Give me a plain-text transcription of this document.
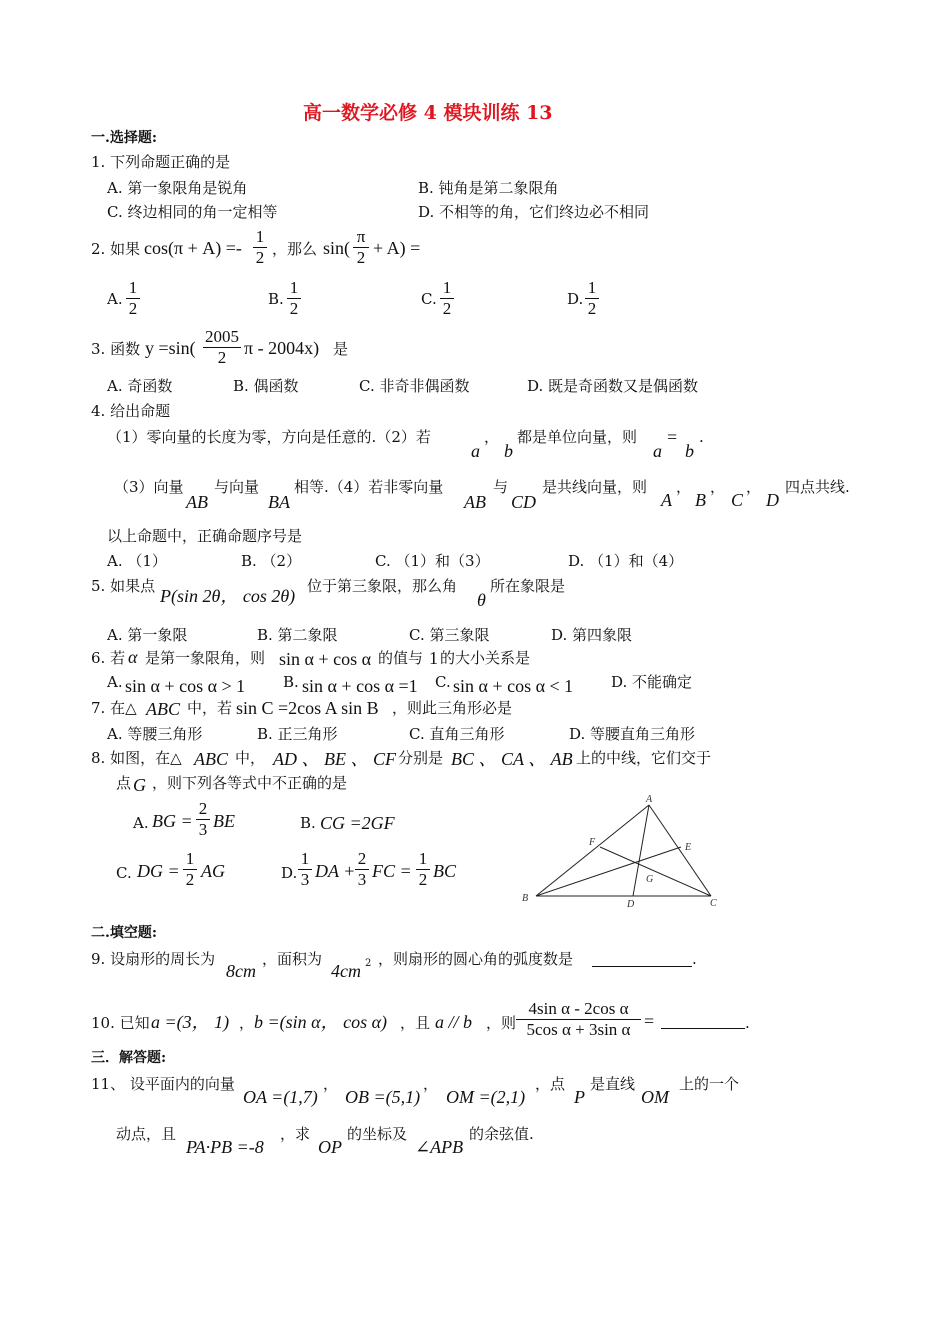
高一数学必修 4 模块训练 13
一.选择题:
1. 下列命题正确的是
A. 第一象限角是锐角	B. 钝角是第二象限角
C. 终边相同的角一定相等	D. 不相等的角，它们终边必不相同
2. 如果 cos(π + A) =-
1
2 ，那么 sin(
π
2 + A) =
A.
1
2	B.
1
2	C.
1
2	D.
1
2
3. 函数 y =sin(
2005
2 π - 2004x) 是
A. 奇函数	B. 偶函数	C. 非奇非偶函数	D. 既是奇函数又是偶函数
4. 给出命题
（1）零向量的长度为零，方向是任意的.（2）若
a
，
b
都是单位向量，则
a
=
b
.
（3）向量
AB
与向量
BA
相等.（4）若非零向量
AB
与
CD
是共线向量，则
A
，
B
，
C
，
D
四点共线.
以上命题中，正确命题序号是
A. （1）	B. （2）	C. （1）和（3）	D. （1）和（4）
5. 如果点 P(sin 2θ， cos 2θ) 位于第三象限，那么角
θ
所在象限是
A. 第一象限	B. 第二象限	C. 第三象限	D. 第四象限
6. 若 α 是第一象限角，则 sin α + cos α 的值与 1 的大小关系是
A. sin α + cos α > 1	B. sin α + cos α =1 C. sin α + cos α < 1	D. 不能确定
7. 在△ ABC 中，若 sin C =2cos A sin B ，则此三角形必是
A. 等腰三角形	B. 正三角形	C. 直角三角形	D. 等腰直角三角形
8. 如图，在△ ABC 中， AD 、 BE 、 CF 分别是 BC 、 CA 、 AB 上的中线，它们交于
点 G ，则下列各等式中不正确的是
A. BG =
2
3 BE	B. CG =2GF
C. DG =
1
2 AG	D.
1
3 DA +
2
3 FC =
1
2 BC
A
B	C
D
E
F
G
二.填空题:
9. 设扇形的周长为
8cm
，面积为
4cm 2 ，则扇形的圆心角的弧度数是	.
10. 已知 a =(3， 1) ， b =(sin α， cos α) ，且 a // b ，则
4sin α - 2cos α
5cos α + 3sin α =	.
三．解答题:
11、 设平面内的向量
OA =(1,7)
，
OB =(5,1)
，
OM =(2,1)
，点
P
是直线
OM
上的一个
动点，且
PA·PB =-8
，求
OP
的坐标及
∠APB
的余弦值.
